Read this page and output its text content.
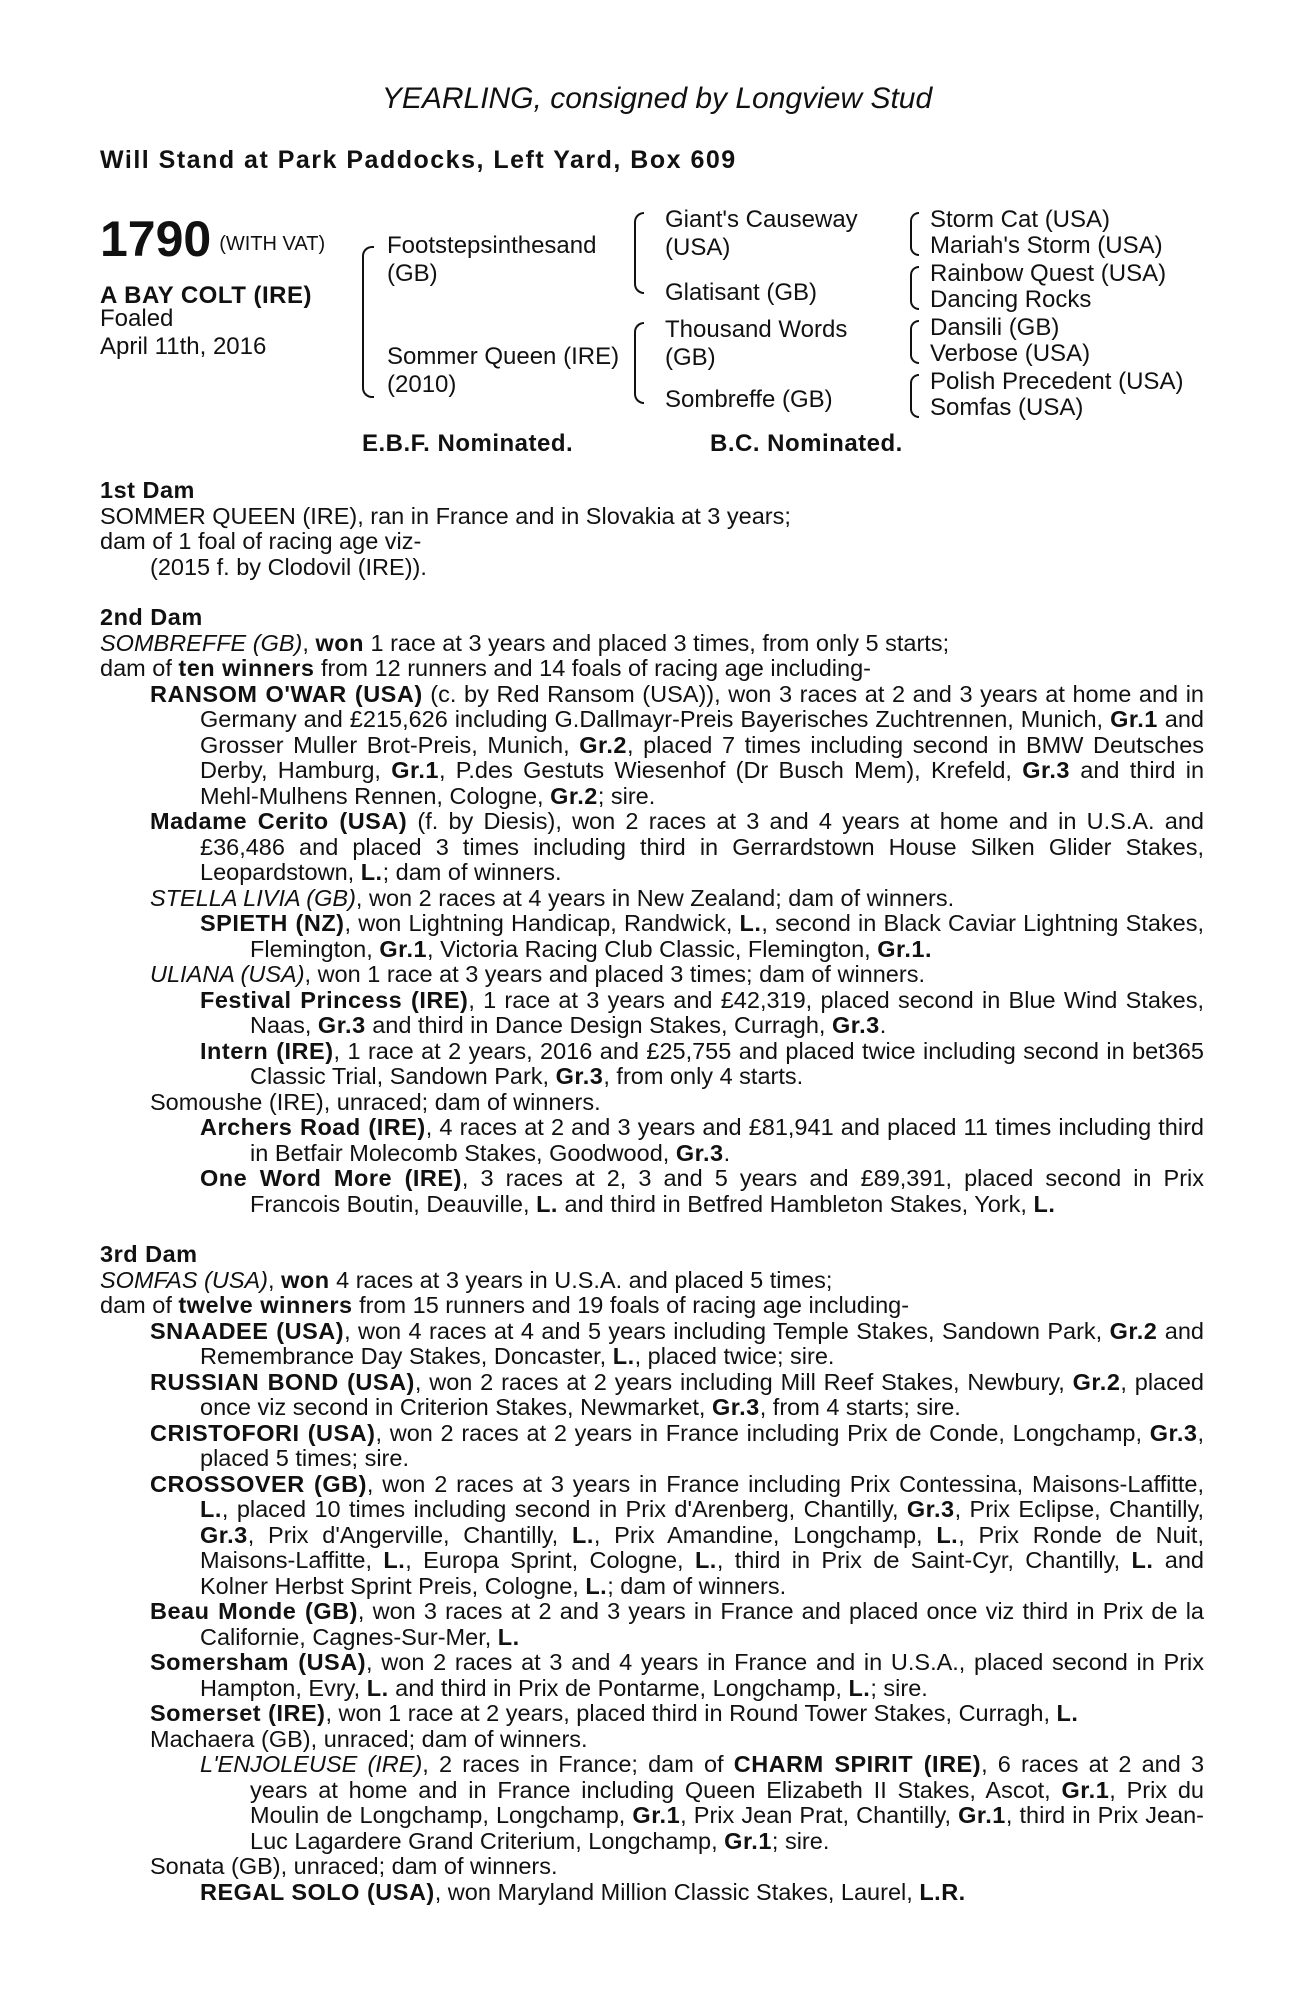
YEARLING, consigned by Longview Stud
Will Stand at Park Paddocks, Left Yard, Box 609
1790 (WITH VAT)
A BAY COLT (IRE)
Foaled
April 11th, 2016
Footstepsinthesand (GB)
Sommer Queen (IRE) (2010)
Giant's Causeway (USA)
Glatisant (GB)
Thousand Words (GB)
Sombreffe (GB)
Storm Cat (USA)
Mariah's Storm (USA)
Rainbow Quest (USA)
Dancing Rocks
Dansili (GB)
Verbose (USA)
Polish Precedent (USA)
Somfas (USA)
E.B.F. Nominated.	B.C. Nominated.
1st Dam
SOMMER QUEEN (IRE), ran in France and in Slovakia at 3 years;
dam of 1 foal of racing age viz-
(2015 f. by Clodovil (IRE)).
2nd Dam
SOMBREFFE (GB), won 1 race at 3 years and placed 3 times, from only 5 starts;
dam of ten winners from 12 runners and 14 foals of racing age including-
RANSOM O'WAR (USA) (c. by Red Ransom (USA)), won 3 races at 2 and 3 years at home and in Germany and £215,626 including G.Dallmayr-Preis Bayerisches Zuchtrennen, Munich, Gr.1 and Grosser Muller Brot-Preis, Munich, Gr.2, placed 7 times including second in BMW Deutsches Derby, Hamburg, Gr.1, P.des Gestuts Wiesenhof (Dr Busch Mem), Krefeld, Gr.3 and third in Mehl-Mulhens Rennen, Cologne, Gr.2; sire.
Madame Cerito (USA) (f. by Diesis), won 2 races at 3 and 4 years at home and in U.S.A. and £36,486 and placed 3 times including third in Gerrardstown House Silken Glider Stakes, Leopardstown, L.; dam of winners.
STELLA LIVIA (GB), won 2 races at 4 years in New Zealand; dam of winners.
SPIETH (NZ), won Lightning Handicap, Randwick, L., second in Black Caviar Lightning Stakes, Flemington, Gr.1, Victoria Racing Club Classic, Flemington, Gr.1.
ULIANA (USA), won 1 race at 3 years and placed 3 times; dam of winners.
Festival Princess (IRE), 1 race at 3 years and £42,319, placed second in Blue Wind Stakes, Naas, Gr.3 and third in Dance Design Stakes, Curragh, Gr.3.
Intern (IRE), 1 race at 2 years, 2016 and £25,755 and placed twice including second in bet365 Classic Trial, Sandown Park, Gr.3, from only 4 starts.
Somoushe (IRE), unraced; dam of winners.
Archers Road (IRE), 4 races at 2 and 3 years and £81,941 and placed 11 times including third in Betfair Molecomb Stakes, Goodwood, Gr.3.
One Word More (IRE), 3 races at 2, 3 and 5 years and £89,391, placed second in Prix Francois Boutin, Deauville, L. and third in Betfred Hambleton Stakes, York, L.
3rd Dam
SOMFAS (USA), won 4 races at 3 years in U.S.A. and placed 5 times;
dam of twelve winners from 15 runners and 19 foals of racing age including-
SNAADEE (USA), won 4 races at 4 and 5 years including Temple Stakes, Sandown Park, Gr.2 and Remembrance Day Stakes, Doncaster, L., placed twice; sire.
RUSSIAN BOND (USA), won 2 races at 2 years including Mill Reef Stakes, Newbury, Gr.2, placed once viz second in Criterion Stakes, Newmarket, Gr.3, from 4 starts; sire.
CRISTOFORI (USA), won 2 races at 2 years in France including Prix de Conde, Longchamp, Gr.3, placed 5 times; sire.
CROSSOVER (GB), won 2 races at 3 years in France including Prix Contessina, Maisons-Laffitte, L., placed 10 times including second in Prix d'Arenberg, Chantilly, Gr.3, Prix Eclipse, Chantilly, Gr.3, Prix d'Angerville, Chantilly, L., Prix Amandine, Longchamp, L., Prix Ronde de Nuit, Maisons-Laffitte, L., Europa Sprint, Cologne, L., third in Prix de Saint-Cyr, Chantilly, L. and Kolner Herbst Sprint Preis, Cologne, L.; dam of winners.
Beau Monde (GB), won 3 races at 2 and 3 years in France and placed once viz third in Prix de la Californie, Cagnes-Sur-Mer, L.
Somersham (USA), won 2 races at 3 and 4 years in France and in U.S.A., placed second in Prix Hampton, Evry, L. and third in Prix de Pontarme, Longchamp, L.; sire.
Somerset (IRE), won 1 race at 2 years, placed third in Round Tower Stakes, Curragh, L.
Machaera (GB), unraced; dam of winners.
L'ENJOLEUSE (IRE), 2 races in France; dam of CHARM SPIRIT (IRE), 6 races at 2 and 3 years at home and in France including Queen Elizabeth II Stakes, Ascot, Gr.1, Prix du Moulin de Longchamp, Longchamp, Gr.1, Prix Jean Prat, Chantilly, Gr.1, third in Prix Jean-Luc Lagardere Grand Criterium, Longchamp, Gr.1; sire.
Sonata (GB), unraced; dam of winners.
REGAL SOLO (USA), won Maryland Million Classic Stakes, Laurel, L.R.
